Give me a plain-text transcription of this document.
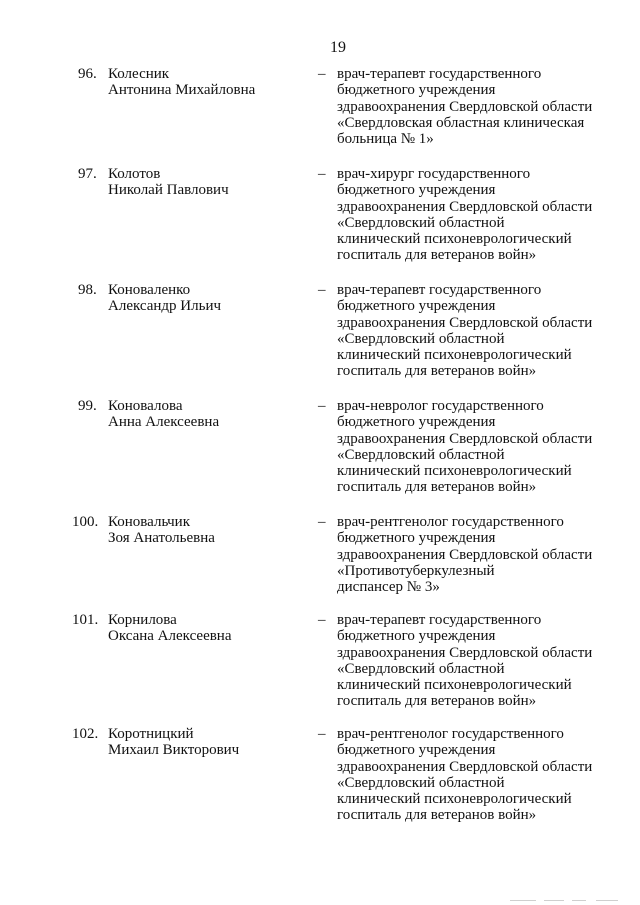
19
96. Колесник
Антонина Михайловна
– врач-терапевт государственного
бюджетного учреждения
здравоохранения Свердловской области
«Свердловская областная клиническая
больница № 1»
97. Колотов
Николай Павлович
– врач-хирург государственного
бюджетного учреждения
здравоохранения Свердловской области
«Свердловский областной
клинический психоневрологический
госпиталь для ветеранов войн»
98. Коноваленко
Александр Ильич
– врач-терапевт государственного
бюджетного учреждения
здравоохранения Свердловской области
«Свердловский областной
клинический психоневрологический
госпиталь для ветеранов войн»
99. Коновалова
Анна Алексеевна
– врач-невролог государственного
бюджетного учреждения
здравоохранения Свердловской области
«Свердловский областной
клинический психоневрологический
госпиталь для ветеранов войн»
100. Коновальчик
Зоя Анатольевна
– врач-рентгенолог государственного
бюджетного учреждения
здравоохранения Свердловской области
«Противотуберкулезный
диспансер № 3»
101. Корнилова
Оксана Алексеевна
– врач-терапевт государственного
бюджетного учреждения
здравоохранения Свердловской области
«Свердловский областной
клинический психоневрологический
госпиталь для ветеранов войн»
102. Коротницкий
Михаил Викторович
– врач-рентгенолог государственного
бюджетного учреждения
здравоохранения Свердловской области
«Свердловский областной
клинический психоневрологический
госпиталь для ветеранов войн»
